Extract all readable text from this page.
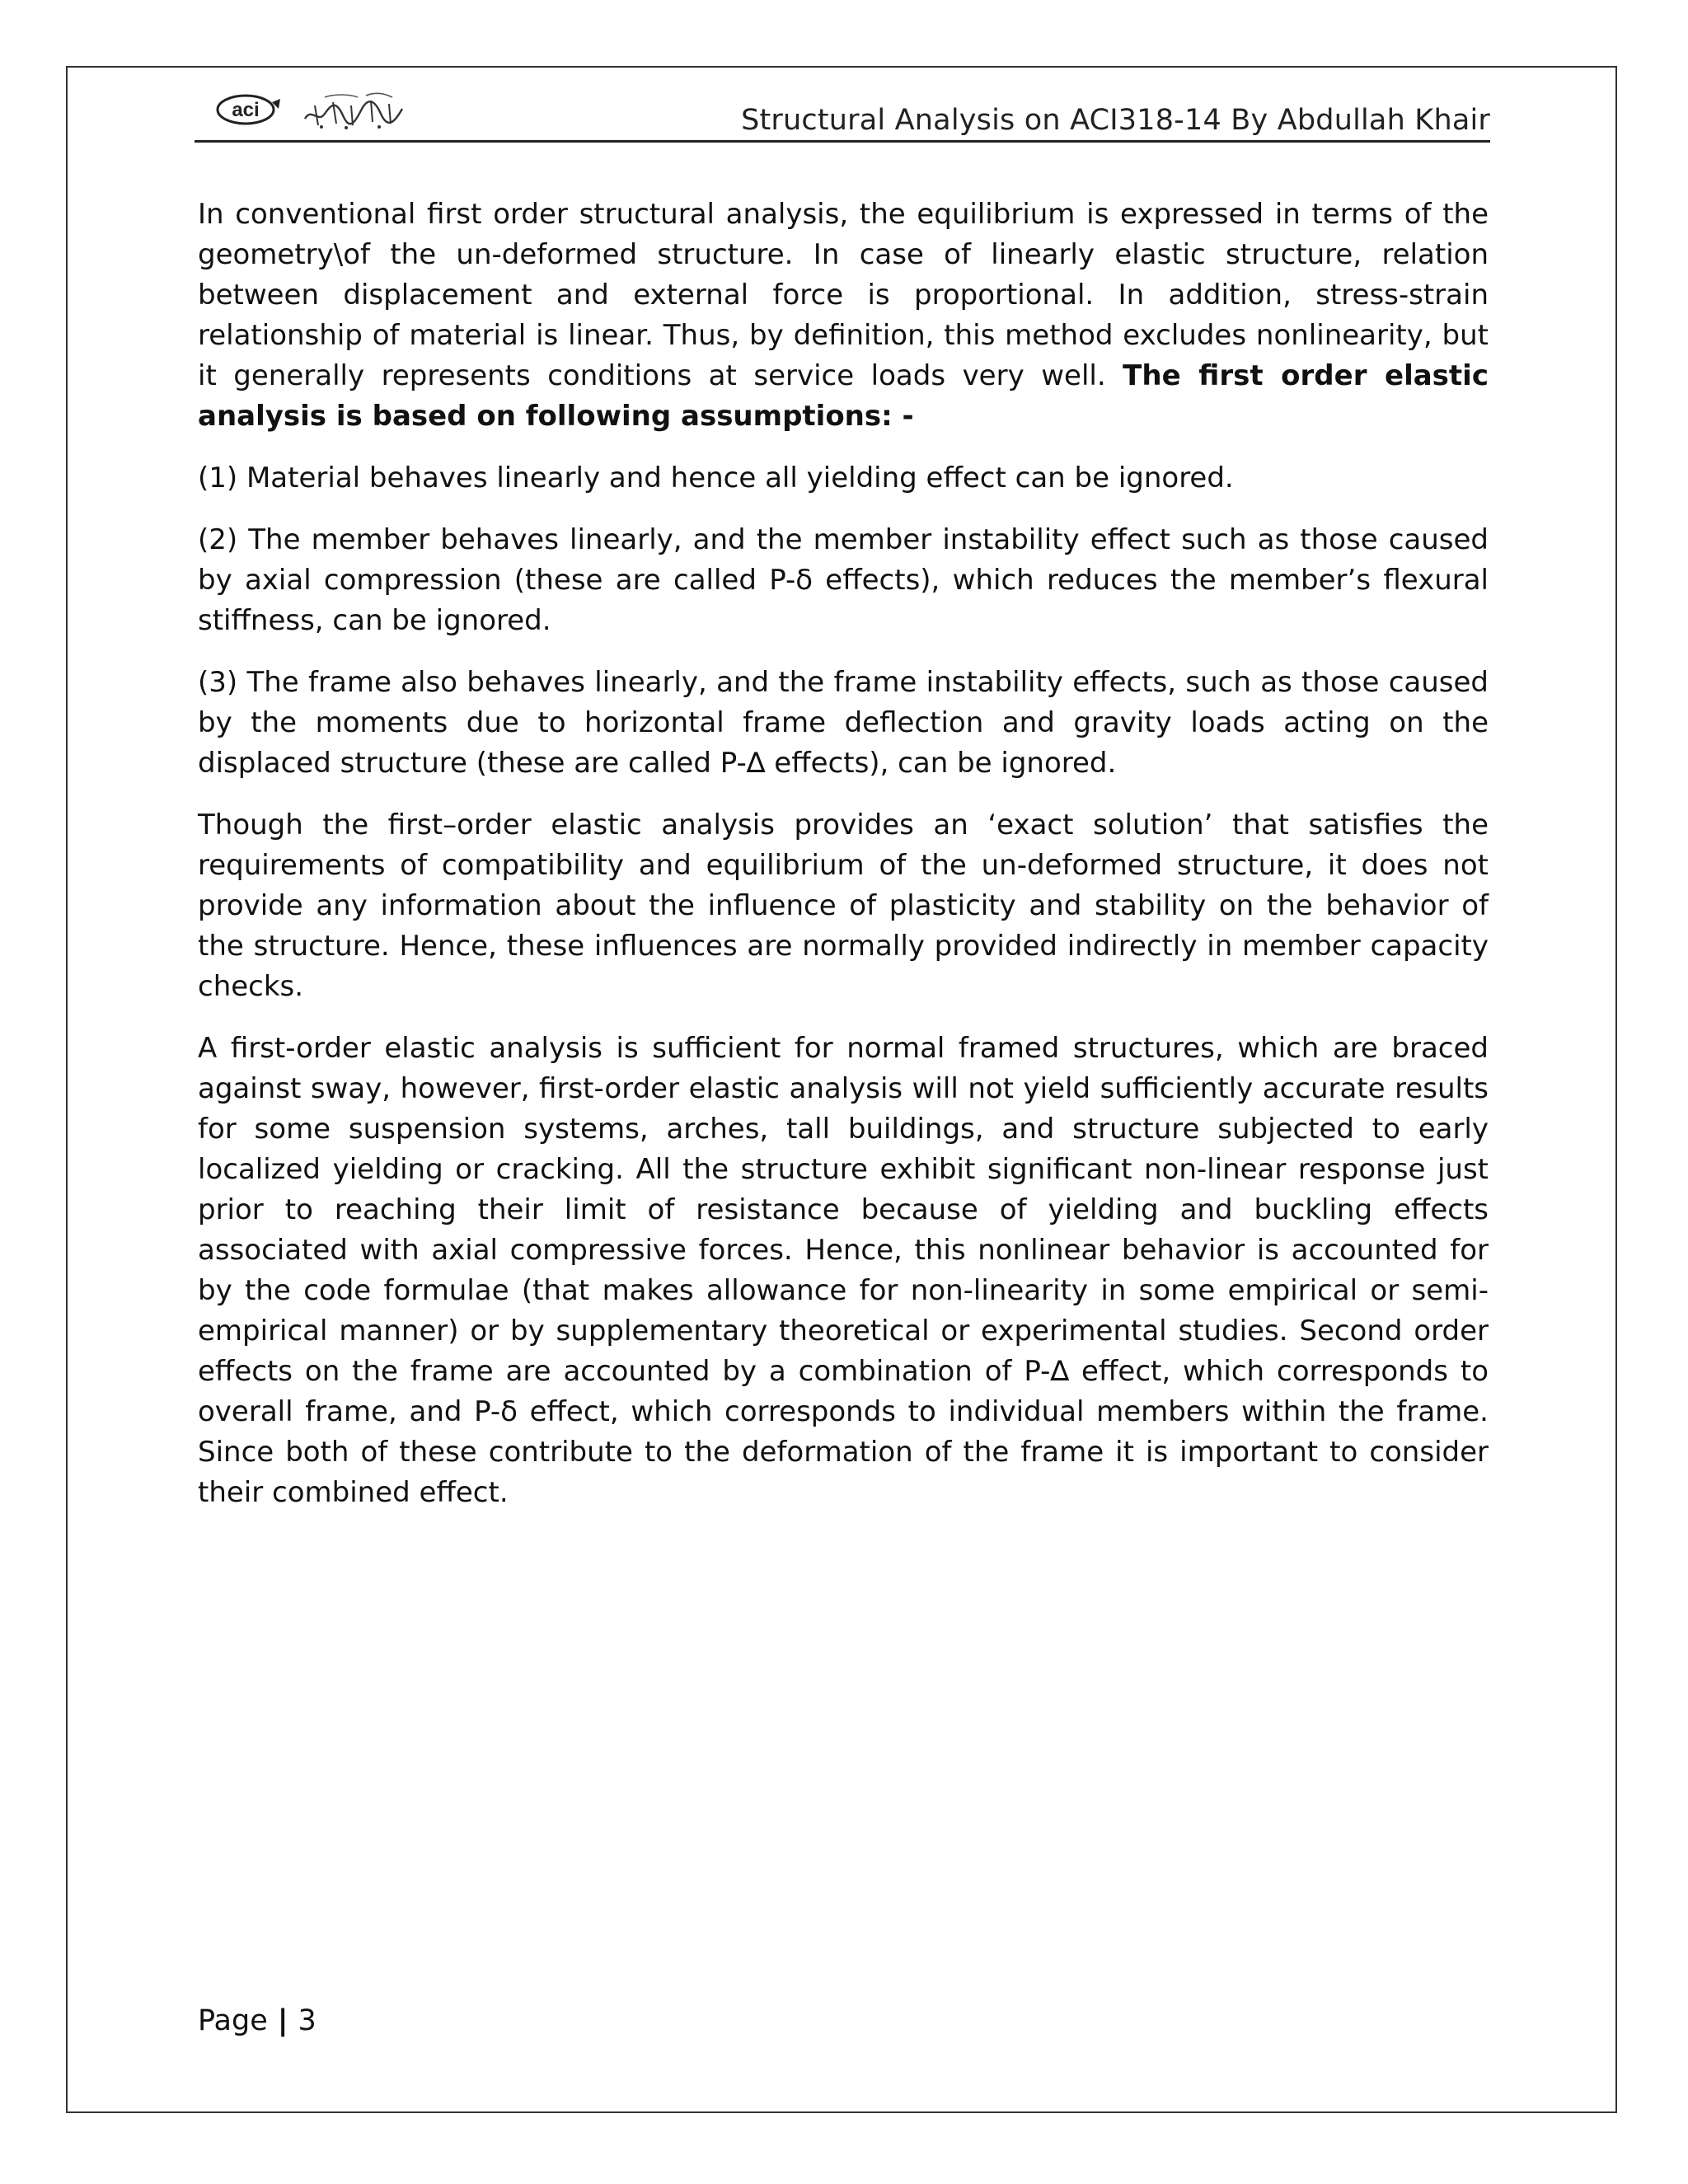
aci	Structural Analysis on ACI318-14 By Abdullah Khair

In conventional first order structural analysis, the equilibrium is expressed in terms of the geometry\of the un-deformed structure. In case of linearly elastic structure, relation between displacement and external force is proportional. In addition, stress-strain relationship of material is linear. Thus, by definition, this method excludes nonlinearity, but it generally represents conditions at service loads very well. The first order elastic analysis is based on following assumptions: -

(1) Material behaves linearly and hence all yielding effect can be ignored.

(2) The member behaves linearly, and the member instability effect such as those caused by axial compression (these are called P-δ effects), which reduces the member’s flexural stiffness, can be ignored.

(3) The frame also behaves linearly, and the frame instability effects, such as those caused by the moments due to horizontal frame deflection and gravity loads acting on the displaced structure (these are called P-∆ effects), can be ignored.

Though the first–order elastic analysis provides an ‘exact solution’ that satisfies the requirements of compatibility and equilibrium of the un-deformed structure, it does not provide any information about the influence of plasticity and stability on the behavior of the structure. Hence, these influences are normally provided indirectly in member capacity checks.

A first-order elastic analysis is sufficient for normal framed structures, which are braced against sway, however, first-order elastic analysis will not yield sufficiently accurate results for some suspension systems, arches, tall buildings, and structure subjected to early localized yielding or cracking. All the structure exhibit significant non-linear response just prior to reaching their limit of resistance because of yielding and buckling effects associated with axial compressive forces. Hence, this nonlinear behavior is accounted for by the code formulae (that makes allowance for non-linearity in some empirical or semi-empirical manner) or by supplementary theoretical or experimental studies. Second order effects on the frame are accounted by a combination of P-∆ effect, which corresponds to overall frame, and P-δ effect, which corresponds to individual members within the frame. Since both of these contribute to the deformation of the frame it is important to consider their combined effect.

Page | 3
